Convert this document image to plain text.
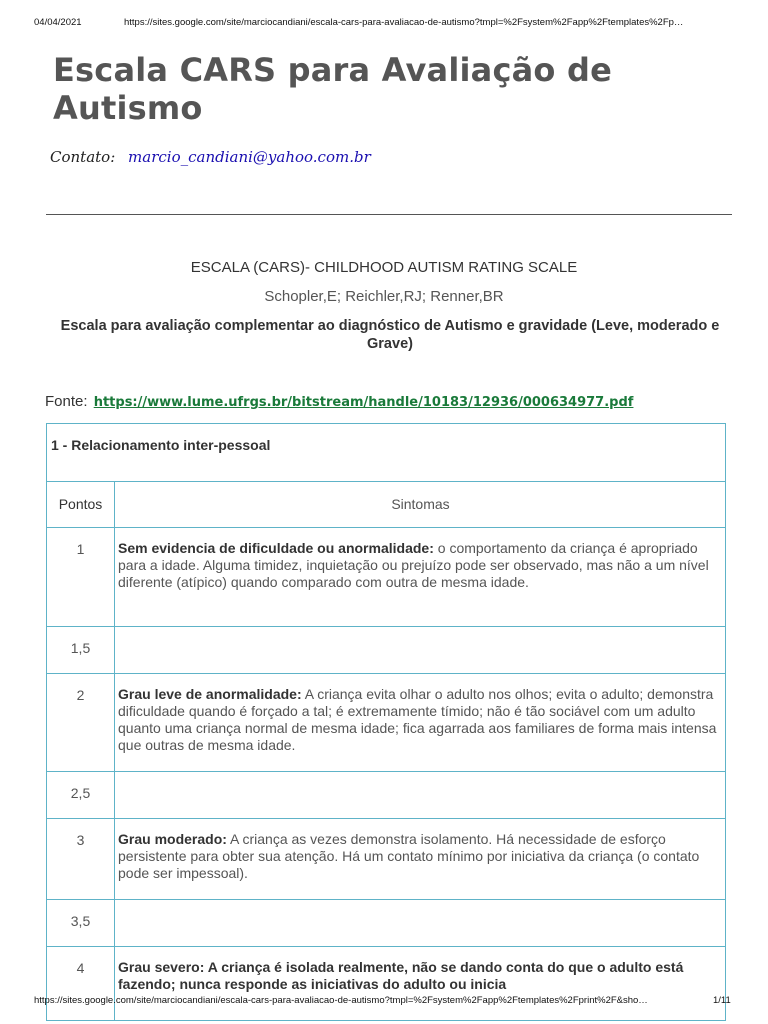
04/04/2021	https://sites.google.com/site/marciocandiani/escala-cars-para-avaliacao-de-autismo?tmpl=%2Fsystem%2Fapp%2Ftemplates%2Fp…
Escala CARS para Avaliação de Autismo
Contato: marcio_candiani@yahoo.com.br
ESCALA (CARS)- CHILDHOOD AUTISM RATING SCALE
Schopler,E; Reichler,RJ; Renner,BR
Escala para avaliação complementar ao diagnóstico de Autismo e gravidade (Leve, moderado e Grave)
Fonte: https://www.lume.ufrgs.br/bitstream/handle/10183/12936/000634977.pdf
1 - Relacionamento inter-pessoal	
Pontos	Sintomas
1	Sem evidencia de dificuldade ou anormalidade: o comportamento da criança é apropriado para a idade. Alguma timidez, inquietação ou prejuízo pode ser observado, mas não a um nível diferente (atípico) quando comparado com outra de mesma idade.
1,5	
2	Grau leve de anormalidade: A criança evita olhar o adulto nos olhos; evita o adulto; demonstra dificuldade quando é forçado a tal; é extremamente tímido; não é tão sociável com um adulto quanto uma criança normal de mesma idade; fica agarrada aos familiares de forma mais intensa que outras de mesma idade.
2,5	
3	Grau moderado: A criança as vezes demonstra isolamento. Há necessidade de esforço persistente para obter sua atenção. Há um contato mínimo por iniciativa da criança (o contato pode ser impessoal).
3,5	
4	Grau severo: A criança é isolada realmente, não se dando conta do que o adulto está fazendo; nunca responde as iniciativas do adulto ou inicia
https://sites.google.com/site/marciocandiani/escala-cars-para-avaliacao-de-autismo?tmpl=%2Fsystem%2Fapp%2Ftemplates%2Fprint%2F&sho…	1/11
